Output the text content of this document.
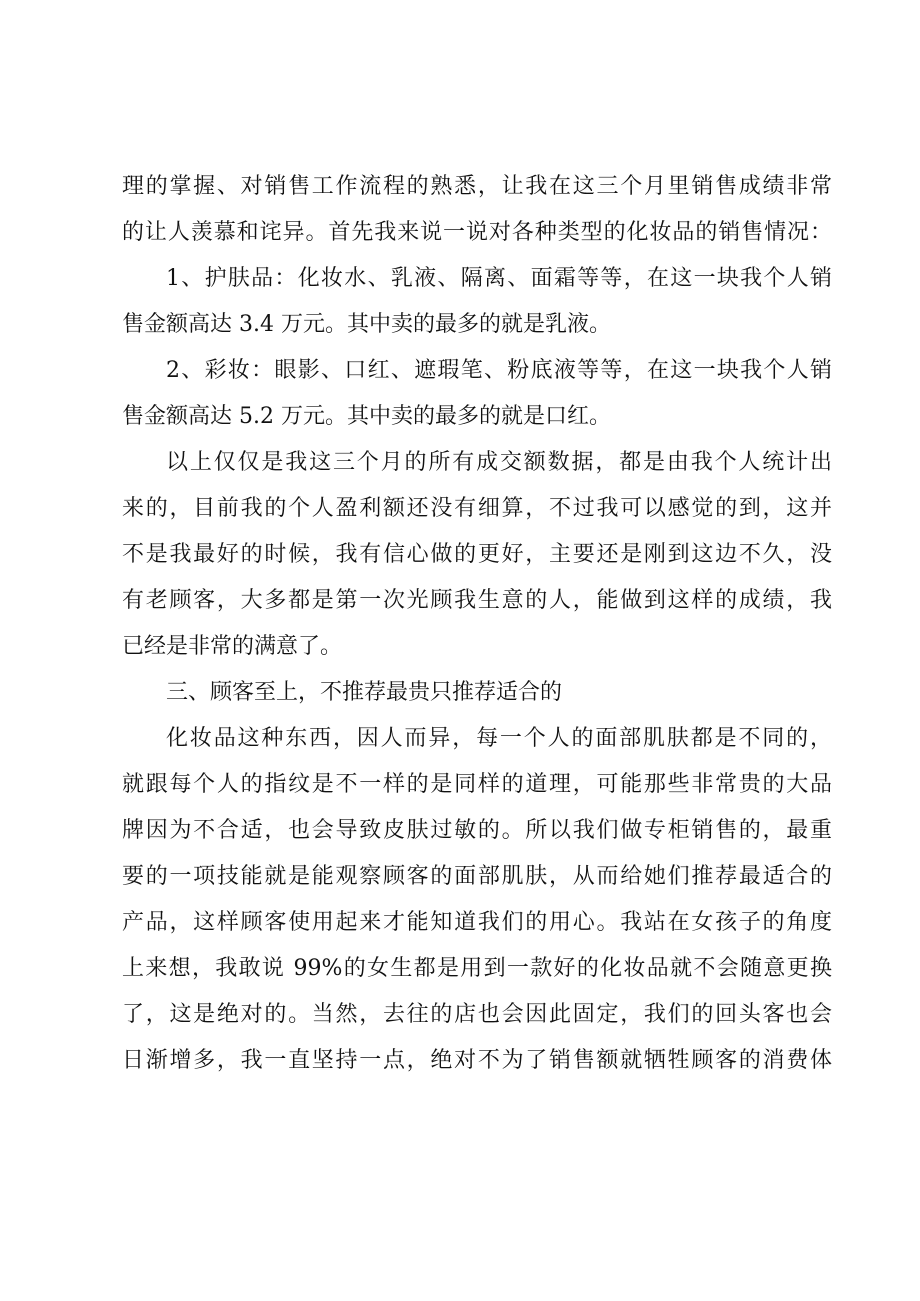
理的掌握、对销售工作流程的熟悉，让我在这三个月里销售成绩非常
的让人羡慕和诧异。首先我来说一说对各种类型的化妆品的销售情况：
1、护肤品：化妆水、乳液、隔离、面霜等等，在这一块我个人销
售金额高达 3.4 万元。其中卖的最多的就是乳液。
2、彩妆：眼影、口红、遮瑕笔、粉底液等等，在这一块我个人销
售金额高达 5.2 万元。其中卖的最多的就是口红。
以上仅仅是我这三个月的所有成交额数据，都是由我个人统计出
来的，目前我的个人盈利额还没有细算，不过我可以感觉的到，这并
不是我最好的时候，我有信心做的更好，主要还是刚到这边不久，没
有老顾客，大多都是第一次光顾我生意的人，能做到这样的成绩，我
已经是非常的满意了。
三、顾客至上，不推荐最贵只推荐适合的
化妆品这种东西，因人而异，每一个人的面部肌肤都是不同的，
就跟每个人的指纹是不一样的是同样的道理，可能那些非常贵的大品
牌因为不合适，也会导致皮肤过敏的。所以我们做专柜销售的，最重
要的一项技能就是能观察顾客的面部肌肤，从而给她们推荐最适合的
产品，这样顾客使用起来才能知道我们的用心。我站在女孩子的角度
上来想，我敢说 99%的女生都是用到一款好的化妆品就不会随意更换
了，这是绝对的。当然，去往的店也会因此固定，我们的回头客也会
日渐增多，我一直坚持一点，绝对不为了销售额就牺牲顾客的消费体
